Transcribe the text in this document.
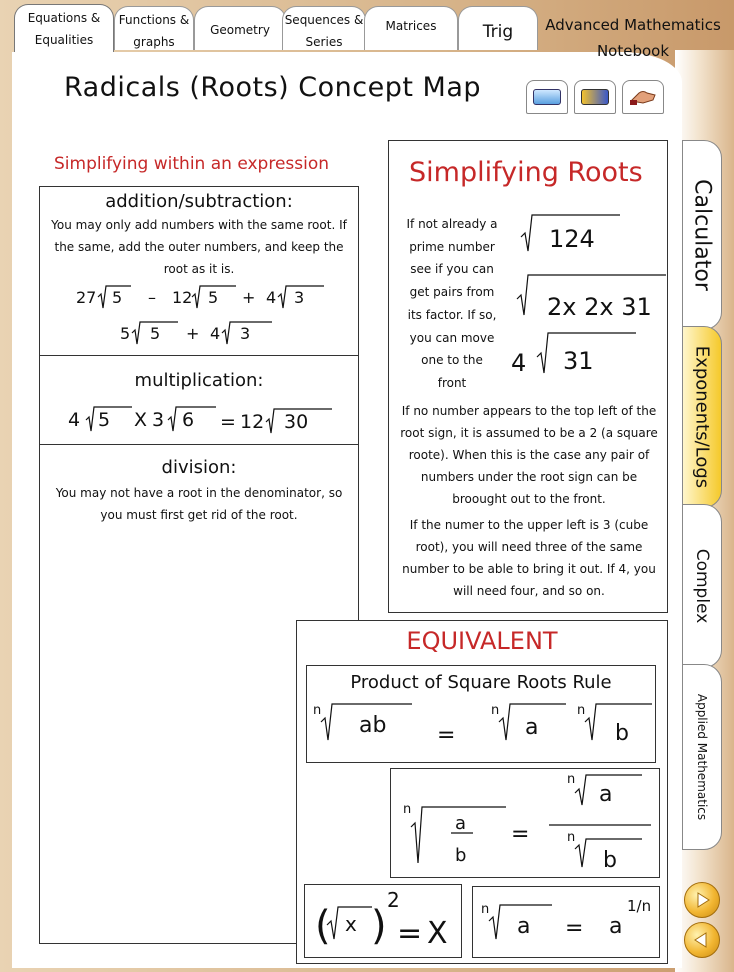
Equations &
Equalities
Functions &
graphs
Geometry
Sequences &
Series
Matrices	Trig	Advanced Mathematics
Notebook
Radicals (Roots) Concept Map
Simplifying within an expression
addition/subtraction:
You may only add numbers with the same root. If the same, add the outer numbers, and keep the root as it is.
27 5 – 12 5 + 4 3
5 5 + 4 3
multiplication:
4 5 X 3 6 = 12 30
division:
You may not have a root in the denominator, so you must first get rid of the root.
Simplifying Roots
If not already a
prime number
see if you can
get pairs from
its factor. If so,
you can move
one to the
front
124
2x 2x 31
4 31
If no number appears to the top left of the root sign, it is assumed to be a 2 (a square roote). When this is the case any pair of numbers under the root sign can be broought out to the front.
If the numer to the upper left is 3 (cube root), you will need three of the same number to be able to bring it out. If 4, you will need four, and so on.
EQUIVALENT
Product of Square Roots Rule
n
ab =
n
a
n
b
n
a
b
=
n
a
n
b
( x )
2
= X
n
a = a
1/n
Calculator
Exponents/Logs
Complex
Applied Mathematics
